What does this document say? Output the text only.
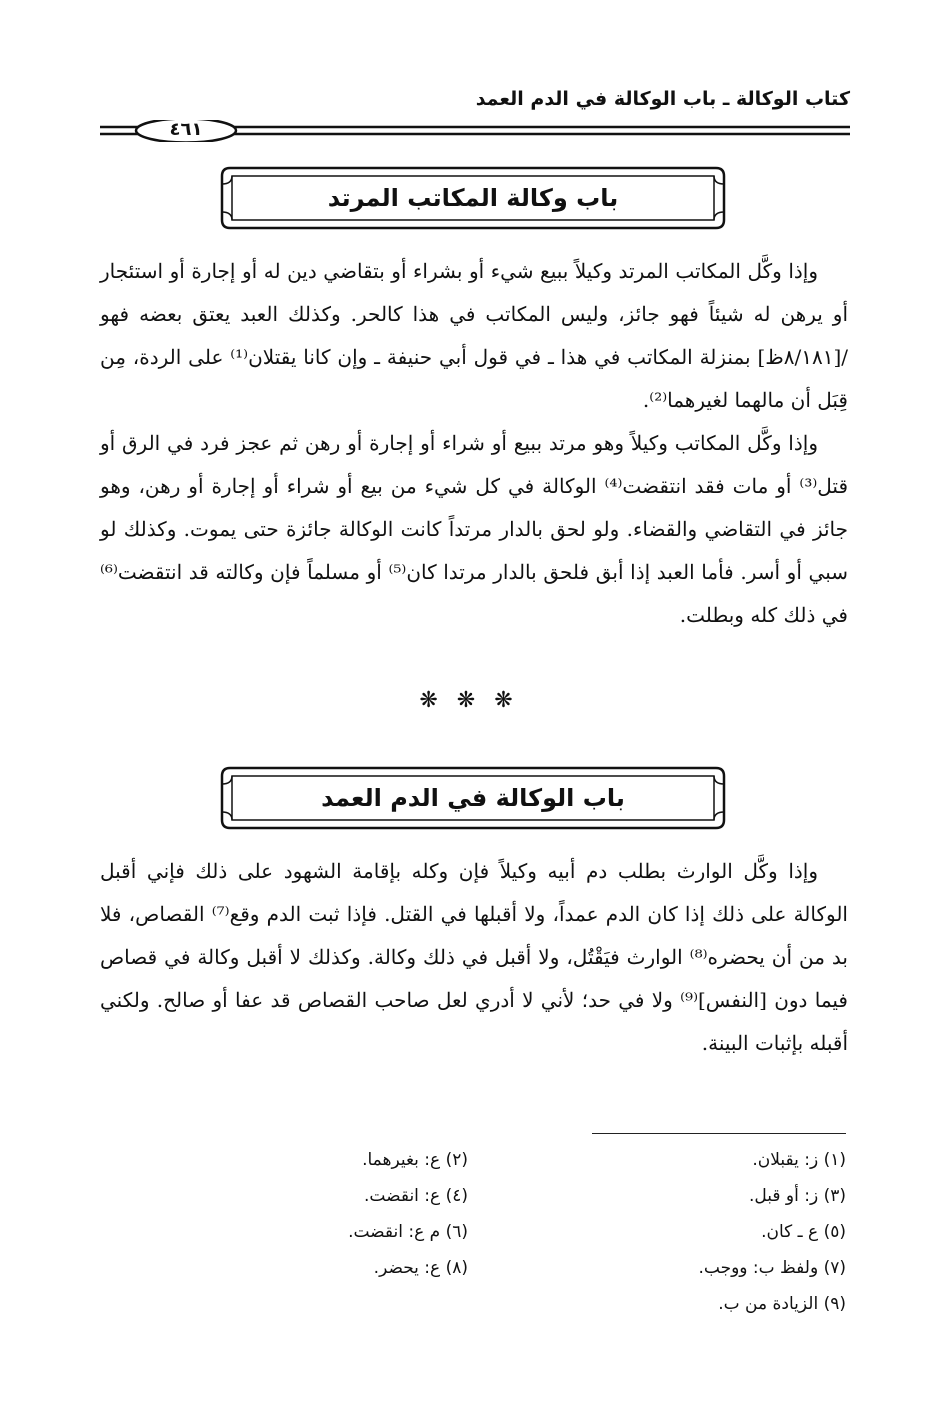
كتاب الوكالة ـ باب الوكالة في الدم العمد
٤٦١
باب وكالة المكاتب المرتد

وإذا وكَّل المكاتب المرتد وكيلاً ببيع شيء أو بشراء أو بتقاضي دين له أو إجارة أو استئجار أو يرهن له شيئاً فهو جائز، وليس المكاتب في هذا كالحر. وكذلك العبد يعتق بعضه فهو /[٨/١٨١ظ] بمنزلة المكاتب في هذا ـ في قول أبي حنيفة ـ وإن كانا يقتلان⁽¹⁾ على الردة، مِن قِبَل أن مالهما لغيرهما⁽²⁾.

وإذا وكَّل المكاتب وكيلاً وهو مرتد ببيع أو شراء أو إجارة أو رهن ثم عجز فرد في الرق أو قتل⁽³⁾ أو مات فقد انتقضت⁽⁴⁾ الوكالة في كل شيء من بيع أو شراء أو إجارة أو رهن، وهو جائز في التقاضي والقضاء. ولو لحق بالدار مرتداً كانت الوكالة جائزة حتى يموت. وكذلك لو سبي أو أسر. فأما العبد إذا أبق فلحق بالدار مرتدا كان⁽⁵⁾ أو مسلماً فإن وكالته قد انتقضت⁽⁶⁾ في ذلك كله وبطلت.

❋ ❋ ❋
باب الوكالة في الدم العمد

وإذا وكَّل الوارث بطلب دم أبيه وكيلاً فإن وكله بإقامة الشهود على ذلك فإني أقبل الوكالة على ذلك إذا كان الدم عمداً، ولا أقبلها في القتل. فإذا ثبت الدم وقع⁽⁷⁾ القصاص، فلا بد من أن يحضره⁽⁸⁾ الوارث فيَقْتُل، ولا أقبل في ذلك وكالة. وكذلك لا أقبل وكالة في قصاص فيما دون [النفس]⁽⁹⁾ ولا في حد؛ لأني لا أدري لعل صاحب القصاص قد عفا أو صالح. ولكني أقبله بإثبات البينة.

(١) ز: يقبلان.
(٢) ع: بغيرهما.
(٣) ز: أو قبل.
(٤) ع: انقضت.
(٥) ع ـ كان.
(٦) م ع: انقضت.
(٧) ولفظ ب: ووجب.
(٨) ع: يحضر.
(٩) الزيادة من ب.
